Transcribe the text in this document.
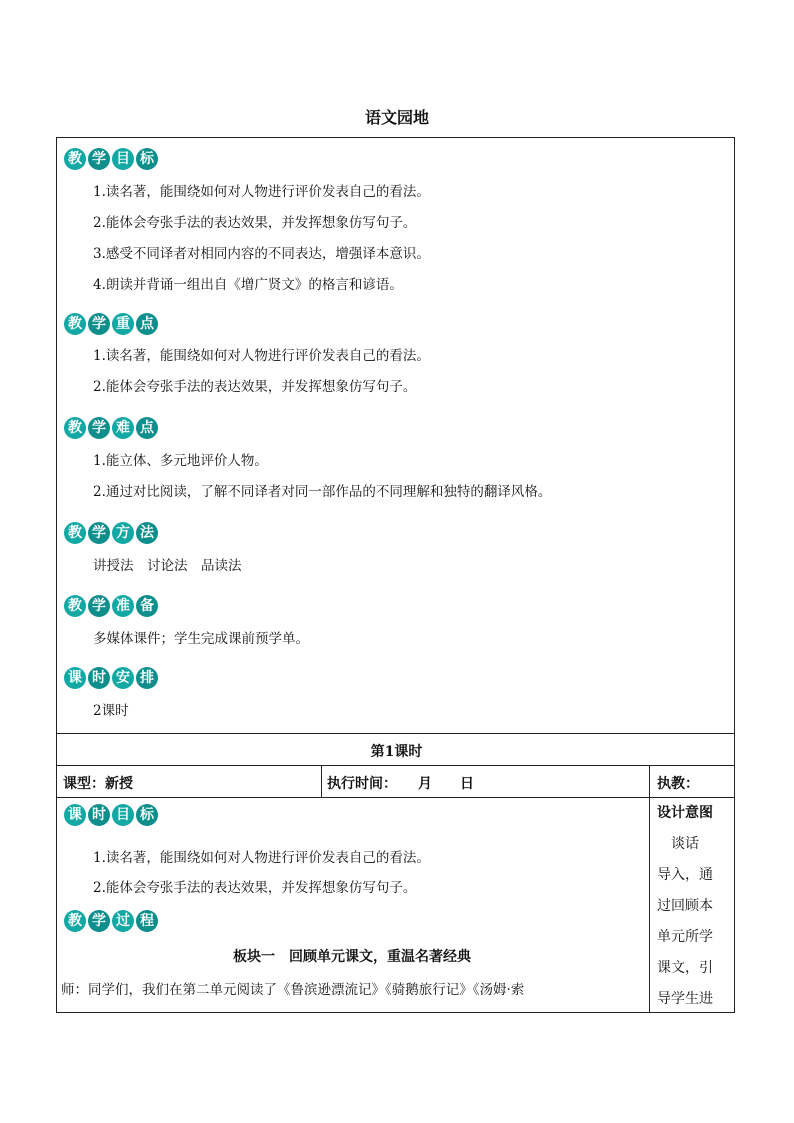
语文园地
教 学 目 标
1.读名著，能围绕如何对人物进行评价发表自己的看法。
2.能体会夸张手法的表达效果，并发挥想象仿写句子。
3.感受不同译者对相同内容的不同表达，增强译本意识。
4.朗读并背诵一组出自《增广贤文》的格言和谚语。
教 学 重 点
1.读名著，能围绕如何对人物进行评价发表自己的看法。
2.能体会夸张手法的表达效果，并发挥想象仿写句子。
教 学 难 点
1.能立体、多元地评价人物。
2.通过对比阅读，了解不同译者对同一部作品的不同理解和独特的翻译风格。
教 学 方 法
讲授法　讨论法　品读法
教 学 准 备
多媒体课件；学生完成课前预学单。
课 时 安 排
2课时
第1课时
课型：新授	执行时间：　　月　　日	执教：
课 时 目 标
1.读名著，能围绕如何对人物进行评价发表自己的看法。
2.能体会夸张手法的表达效果，并发挥想象仿写句子。
教 学 过 程
板块一　回顾单元课文，重温名著经典
师：同学们，我们在第二单元阅读了《鲁滨逊漂流记》《骑鹅旅行记》《汤姆·索
设计意图
　谈话
导入，通
过回顾本
单元所学
课文，引
导学生进
